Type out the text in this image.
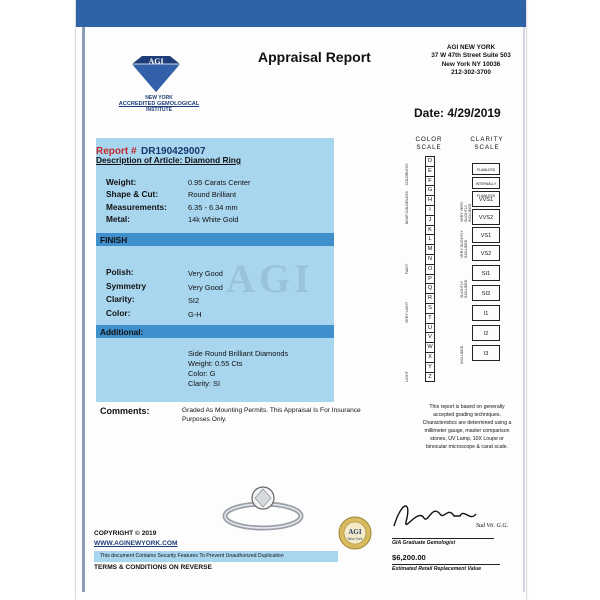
AGI
NEW YORK
ACCREDITED GEMOLOGICAL
INSTITUTE
Appraisal Report
AGI NEW YORK
37 W 47th Street Suite 503
New York NY 10036
212-302-3700
Date: 4/29/2019
Report # DR190429007
Description of Article: Diamond Ring
Weight:
Shape & Cut:
Measurements:
Metal:
0.95 Carats Center
Round Brilliant
6.35 - 6.34 mm
14k White Gold
FINISH
Polish:
Symmetry
Clarity:
Color:
Very Good
Very Good
SI2
G-H
Additional:
Side Round Brilliant Diamonds
Weight: 0.55 Cts
Color: G
Clarity: SI
AGI
Comments:	Graded As Mounting Permits. This Appraisal Is For Insurance Purposes Only.
COLOR
SCALE
D
E
F
G
H
I
J
K
L
M
N
O
P
Q
R
S
T
U
V
W
X
Y
Z
COLORLESS
NEAR COLORLESS
FAINT
VERY LIGHT
LIGHT
CLARITY
SCALE
FLAWLESS
INTERNALLY FLAWLESS
VVS1
VVS2
VS1
VS2
SI1
SI2
I1
I2
I3
VERY VERY SLIGHTLY INCLUDED
VERY SLIGHTLY INCLUDED
SLIGHTLY INCLUDED
INCLUDED
This report is based on generally accepted grading techniques. Characteristics are determined using a millimeter gauge, master comparison stones, UV Lamp, 10X Loupe or binocular microscope & carat scale.
AGI
New York
Sud Vti. G.G.
GIA Graduate Gemologist
$6,200.00
Estimated Retail Replacement Value
COPYRIGHT © 2019
WWW.AGINEWYORK.COM
This document Contains Security Features To Prevent Unauthorized Duplication
TERMS & CONDITIONS ON REVERSE
